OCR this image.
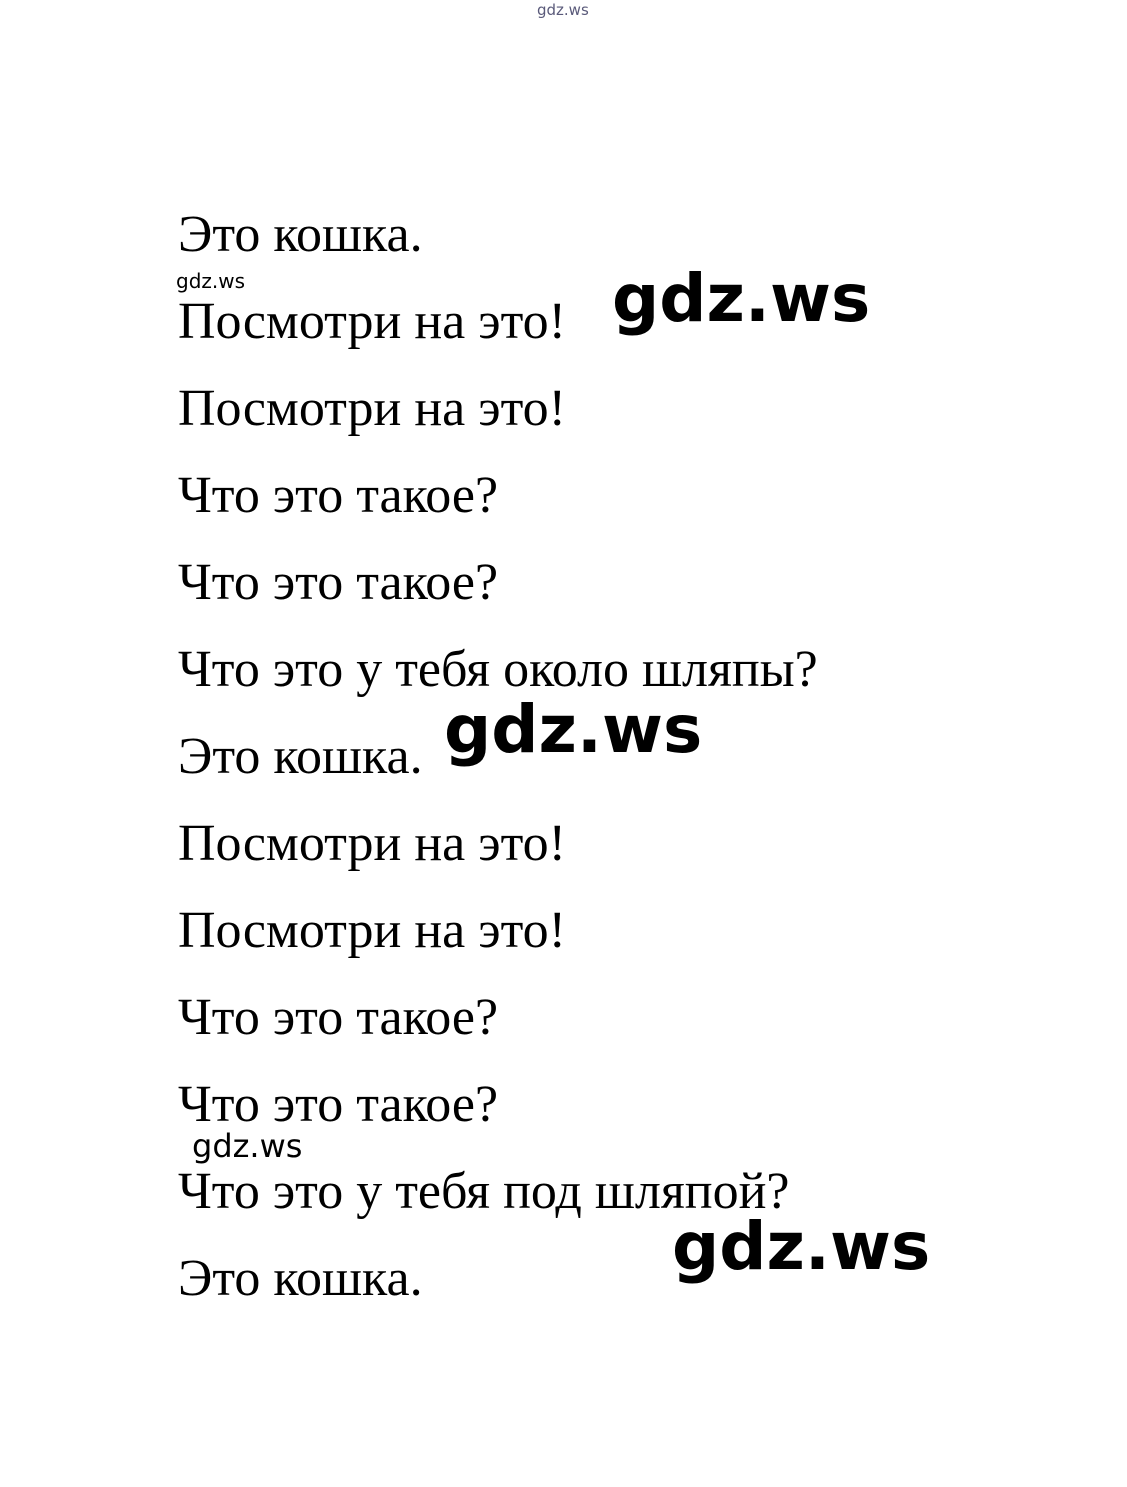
gdz.ws
Это кошка.
Посмотри на это!
Посмотри на это!
Что это такое?
Что это такое?
Что это у тебя около шляпы?
Это кошка.
Посмотри на это!
Посмотри на это!
Что это такое?
Что это такое?
Что это у тебя под шляпой?
Это кошка.
gdz.ws	gdz.ws
gdz.ws
gdz.ws
gdz.ws
